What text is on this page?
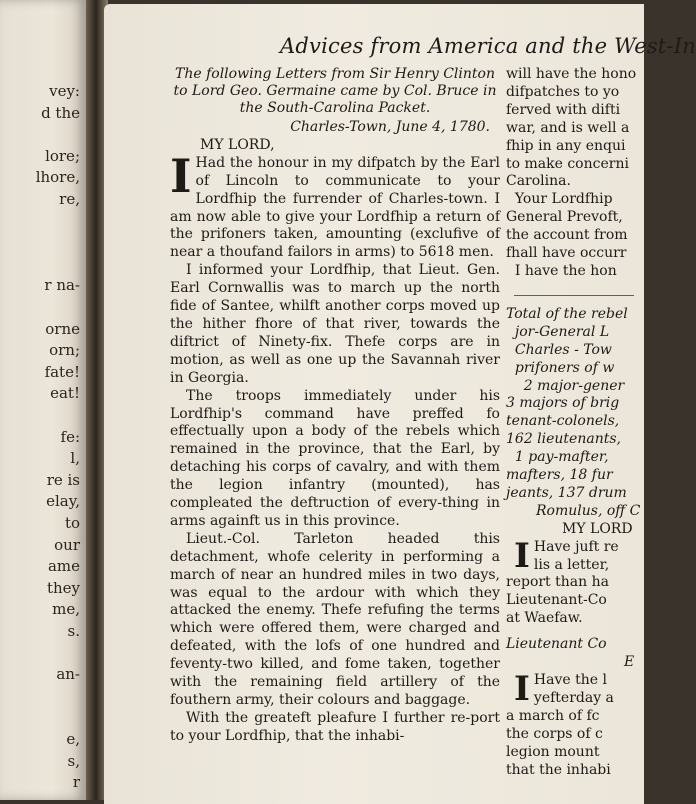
vey:
d the
lore;
lhore,
re,
r na-
orne
orn;
fate!
eat!
fe:
l,
re is
elay,
to
our
ame
they
me,
s.
an-
e,
s,
r
Advices from America and the West-In

The following Letters from Sir Henry Clinton to Lord Geo. Germaine came by Col. Bruce in the South-Carolina Packet.

Charles-Town, June 4, 1780.

MY LORD,

I Had the honour in my difpatch by the Earl of Lincoln to communicate to your Lordfhip the furrender of Charles-town. I am now able to give your Lordfhip a return of the prifoners taken, amounting (exclufive of near a thoufand failors in arms) to 5618 men.

I informed your Lordfhip, that Lieut. Gen. Earl Cornwallis was to march up the north fide of Santee, whilft another corps moved up the hither fhore of that river, towards the diftrict of Ninety-fix. Thefe corps are in motion, as well as one up the Savannah river in Georgia.

The troops immediately under his Lordfhip's command have preffed fo effectually upon a body of the rebels which remained in the province, that the Earl, by detaching his corps of cavalry, and with them the legion infantry (mounted), has compleated the deftruction of every-thing in arms againft us in this province.

Lieut.-Col. Tarleton headed this detachment, whofe celerity in performing a march of near an hundred miles in two days, was equal to the ardour with which they attacked the enemy. Thefe refufing the terms which were offered them, were charged and defeated, with the lofs of one hundred and feventy-two killed, and fome taken, together with the remaining field artillery of the fouthern army, their colours and baggage.

With the greateft pleafure I further re-port to your Lordfhip, that the inhabi-

will have the hono
difpatches to yo
ferved with difti
war, and is well a
fhip in any enqui
to make concerni
Carolina.
Your Lordfhip
General Prevoft,
the account from
fhall have occurr
I have the hon
Total of the rebel
jor-General L
Charles - Tow
prifoners of w
2 major-gener
3 majors of brig
tenant-colonels,
162 lieutenants,
1 pay-mafter,
mafters, 18 fur
jeants, 137 drum

Romulus, off C

MY LORD

I Have juft re
lis a letter,
report than ha
Lieutenant-Co
at Waefaw.

Lieutenant Co

E

I Have the l
yefterday a
a march of fc
the corps of c
legion mount
that the inhabi
